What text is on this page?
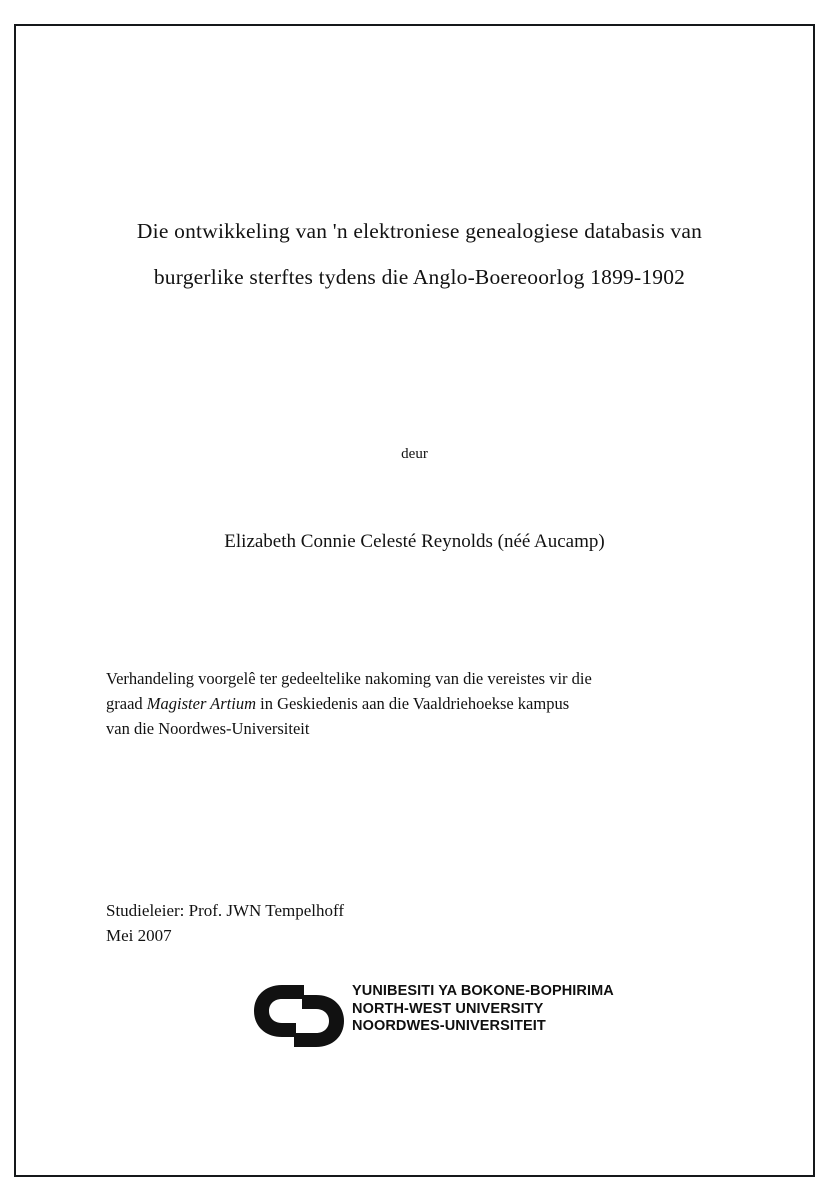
Die ontwikkeling van 'n elektroniese genealogiese databasis van
burgerlike sterftes tydens die Anglo-Boereoorlog 1899-1902
deur
Elizabeth Connie Celesté Reynolds (néé Aucamp)

Verhandeling voorgelê ter gedeeltelike nakoming van die vereistes vir die

graad Magister Artium in Geskiedenis aan die Vaaldriehoekse kampus

van die Noordwes-Universiteit

Studieleier: Prof. JWN Tempelhoff
Mei 2007
YUNIBESITI YA BOKONE-BOPHIRIMA
NORTH-WEST UNIVERSITY
NOORDWES-UNIVERSITEIT
